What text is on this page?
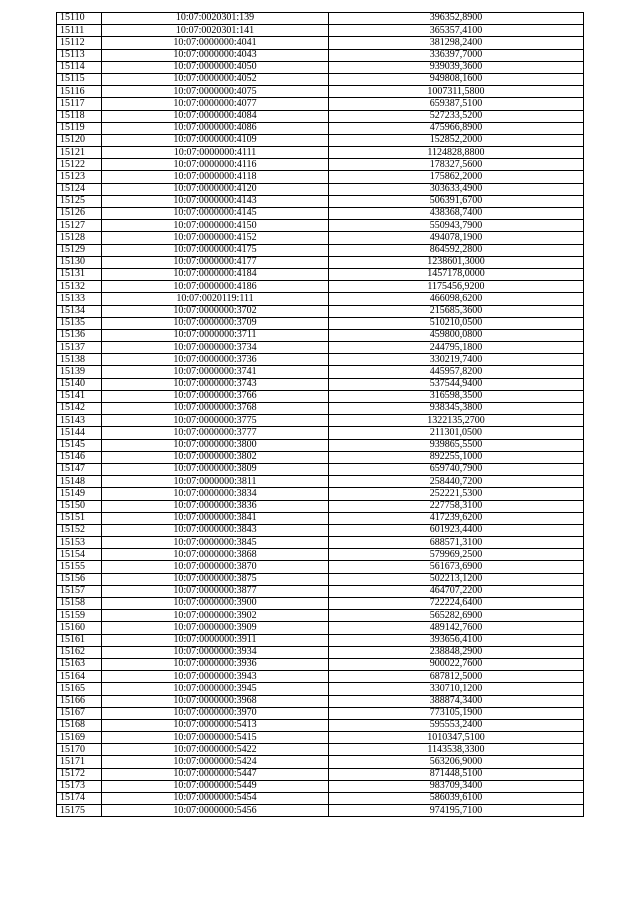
15110	10:07:0020301:139	396352,8900
15111	10:07:0020301:141	365357,4100
15112	10:07:0000000:4041	381298,2400
15113	10:07:0000000:4043	336397,7000
15114	10:07:0000000:4050	939039,3600
15115	10:07:0000000:4052	949808,1600
15116	10:07:0000000:4075	1007311,5800
15117	10:07:0000000:4077	659387,5100
15118	10:07:0000000:4084	527233,5200
15119	10:07:0000000:4086	475966,8900
15120	10:07:0000000:4109	152852,2000
15121	10:07:0000000:4111	1124828,8800
15122	10:07:0000000:4116	178327,5600
15123	10:07:0000000:4118	175862,2000
15124	10:07:0000000:4120	303633,4900
15125	10:07:0000000:4143	506391,6700
15126	10:07:0000000:4145	438368,7400
15127	10:07:0000000:4150	550943,7900
15128	10:07:0000000:4152	494078,1900
15129	10:07:0000000:4175	864592,2800
15130	10:07:0000000:4177	1238601,3000
15131	10:07:0000000:4184	1457178,0000
15132	10:07:0000000:4186	1175456,9200
15133	10:07:0020119:111	466098,6200
15134	10:07:0000000:3702	215685,3600
15135	10:07:0000000:3709	510210,0500
15136	10:07:0000000:3711	459800,0800
15137	10:07:0000000:3734	244795,1800
15138	10:07:0000000:3736	330219,7400
15139	10:07:0000000:3741	445957,8200
15140	10:07:0000000:3743	537544,9400
15141	10:07:0000000:3766	316598,3500
15142	10:07:0000000:3768	938345,3800
15143	10:07:0000000:3775	1322135,2700
15144	10:07:0000000:3777	211301,0500
15145	10:07:0000000:3800	939865,5500
15146	10:07:0000000:3802	892255,1000
15147	10:07:0000000:3809	659740,7900
15148	10:07:0000000:3811	258440,7200
15149	10:07:0000000:3834	252221,5300
15150	10:07:0000000:3836	227758,3100
15151	10:07:0000000:3841	417239,6200
15152	10:07:0000000:3843	601923,4400
15153	10:07:0000000:3845	688571,3100
15154	10:07:0000000:3868	579969,2500
15155	10:07:0000000:3870	561673,6900
15156	10:07:0000000:3875	502213,1200
15157	10:07:0000000:3877	464707,2200
15158	10:07:0000000:3900	722224,6400
15159	10:07:0000000:3902	565282,6900
15160	10:07:0000000:3909	489142,7600
15161	10:07:0000000:3911	393656,4100
15162	10:07:0000000:3934	238848,2900
15163	10:07:0000000:3936	900022,7600
15164	10:07:0000000:3943	687812,5000
15165	10:07:0000000:3945	330710,1200
15166	10:07:0000000:3968	388874,3400
15167	10:07:0000000:3970	773105,1900
15168	10:07:0000000:5413	595553,2400
15169	10:07:0000000:5415	1010347,5100
15170	10:07:0000000:5422	1143538,3300
15171	10:07:0000000:5424	563206,9000
15172	10:07:0000000:5447	871448,5100
15173	10:07:0000000:5449	983709,3400
15174	10:07:0000000:5454	586039,6100
15175	10:07:0000000:5456	974195,7100
